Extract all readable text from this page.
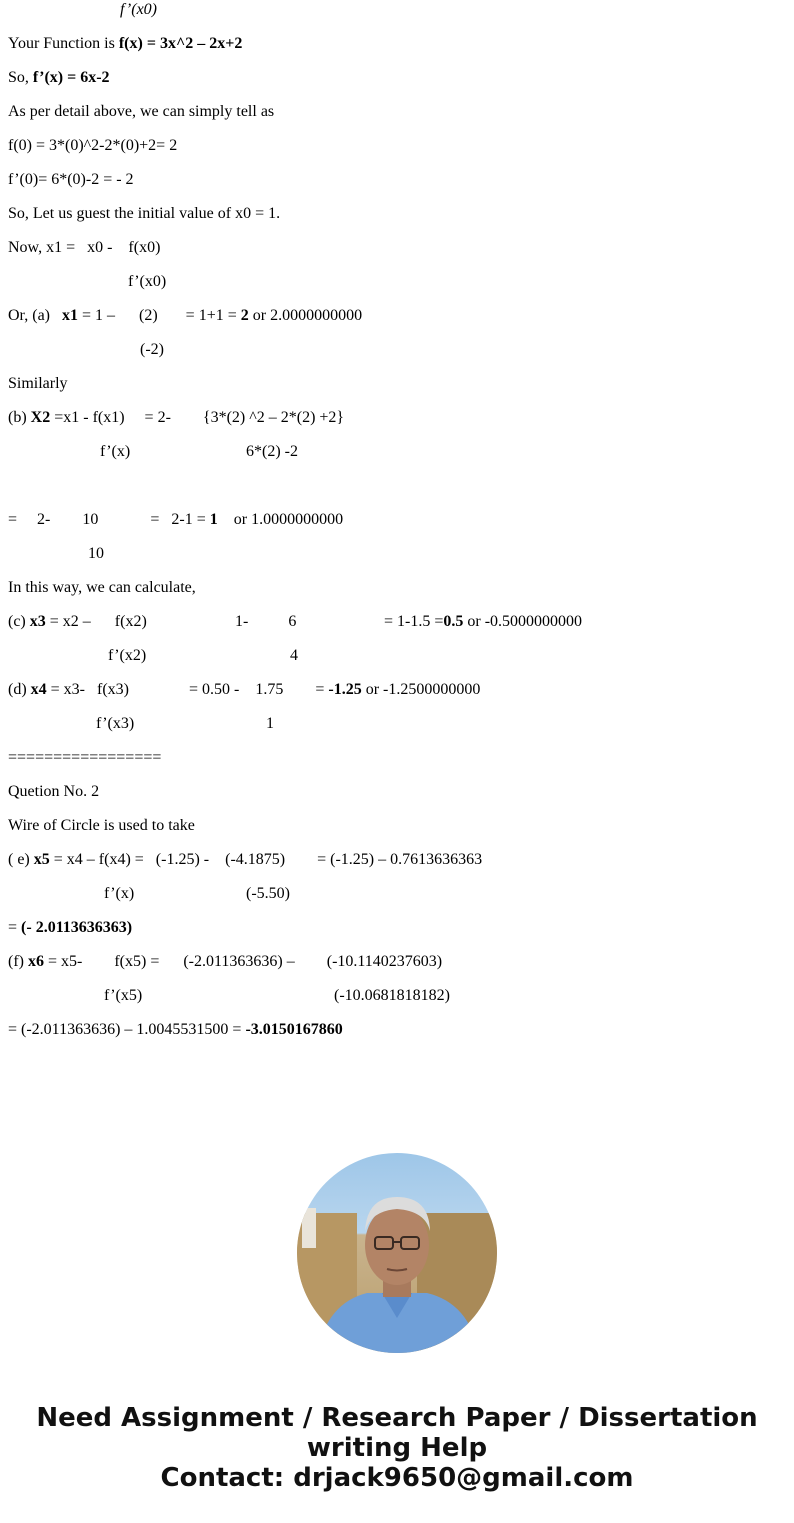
f’(x0)
Your Function is f(x) = 3x^2 – 2x+2
So, f’(x) = 6x-2
As per detail above, we can simply tell as
f(0) = 3*(0)^2-2*(0)+2= 2
f’(0)= 6*(0)-2 = - 2
So, Let us guest the initial value of x0 = 1.
Now, x1 =   x0 -    f(x0)
f’(x0)
Or, (a)   x1 = 1 –      (2)       = 1+1 = 2 or 2.0000000000
(-2)
Similarly
(b) X2 =x1 - f(x1)     = 2-        {3*(2) ^2 – 2*(2) +2}
f’(x)	6*(2) -2
=     2-        10             =   2-1 = 1    or 1.0000000000
10
In this way, we can calculate,
(c) x3 = x2 –      f(x2)	1-          6	= 1-1.5 =0.5 or -0.5000000000
f’(x2)	4
(d) x4 = x3-   f(x3)	= 0.50 -    1.75        = -1.25 or -1.2500000000
f’(x3)	1
=================
Quetion No. 2
Wire of Circle is used to take
( e) x5 = x4 – f(x4) =   (-1.25) -    (-4.1875)        = (-1.25) – 0.7613636363
f’(x)	(-5.50)
= (- 2.0113636363)
(f) x6 = x5-        f(x5) =      (-2.011363636) –        (-10.1140237603)
f’(x5)	(-10.0681818182)
= (-2.011363636) – 1.0045531500 = -3.0150167860
Need Assignment / Research Paper / Dissertation
writing Help
Contact: drjack9650@gmail.com
